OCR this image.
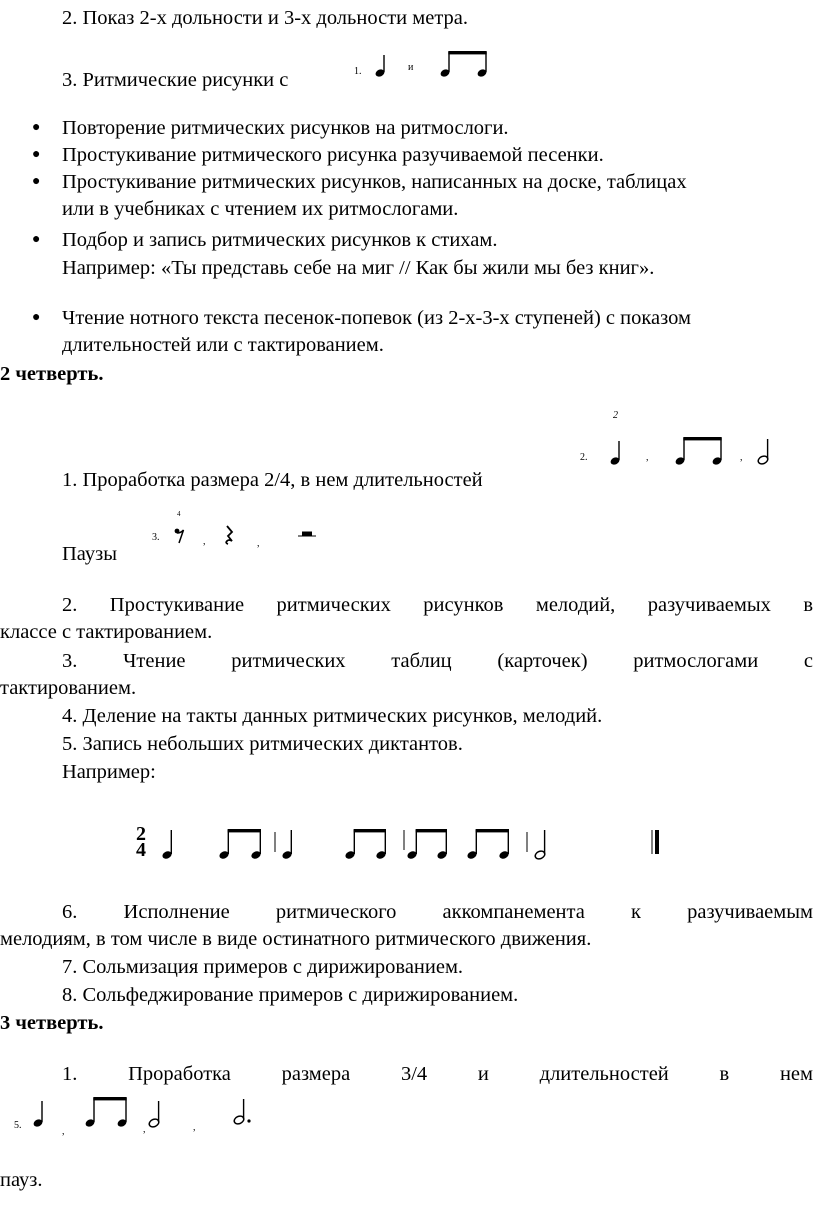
2. Показ 2-х дольности и 3-х дольности метра.
3. Ритмические рисунки с	1.	и
● Повторение ритмических рисунков на ритмослоги.
● Простукивание ритмического рисунка разучиваемой песенки.
● Простукивание ритмических рисунков, написанных на доске, таблицах
или в учебниках с чтением их ритмослогами.
● Подбор и запись ритмических рисунков к стихам.
Например: «Ты представь себе на миг // Как бы жили мы без книг».
● Чтение нотного текста песенок-попевок (из 2-х-3-х ступеней) с показом
длительностей или с тактированием.
2 четверть.
2
2.	,	,
1. Проработка размера 2/4, в нем длительностей
4
3.	,	,
Паузы
2. Простукивание ритмических рисунков мелодий, разучиваемых в
классе с тактированием.
3. Чтение ритмических таблиц (карточек) ритмослогами с
тактированием.
4. Деление на такты данных ритмических рисунков, мелодий.
5. Запись небольших ритмических диктантов.
Например:
2
4
6. Исполнение ритмического аккомпанемента к разучиваемым
мелодиям, в том числе в виде остинатного ритмического движения.
7. Сольмизация примеров с дирижированием.
8. Сольфеджирование примеров с дирижированием.
3 четверть.
1. Проработка размера 3/4 и длительностей в нем
5.
,	,	,
пауз.
